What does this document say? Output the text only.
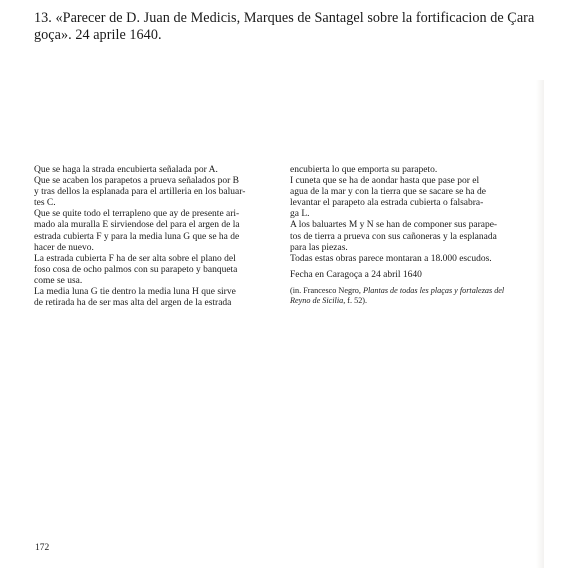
13. «Parecer de D. Juan de Medicis, Marques de Santagel sobre la fortificacion de Çara
goça». 24 aprile 1640.
Que se haga la strada encubierta señalada por A.
Que se acaben los parapetos a prueva señalados por B
y tras dellos la esplanada para el artilleria en los baluar-
tes C.
Que se quite todo el terrapleno que ay de presente ari-
mado ala muralla E sirviendose del para el argen de la
estrada cubierta F y para la media luna G que se ha de
hacer de nuevo.
La estrada cubierta F ha de ser alta sobre el plano del
foso cosa de ocho palmos con su parapeto y banqueta
come se usa.
La media luna G tie dentro la media luna H que sirve
de retirada ha de ser mas alta del argen de la estrada
encubierta lo que emporta su parapeto.
I cuneta que se ha de aondar hasta que pase por el
agua de la mar y con la tierra que se sacare se ha de
levantar el parapeto ala estrada cubierta o falsabra-
ga L.
A los baluartes M y N se han de componer sus parape-
tos de tierra a prueva con sus cañoneras y la esplanada
para las piezas.
Todas estas obras parece montaran a 18.000 escudos.
Fecha en Caragoça a 24 abril 1640
(in. Francesco Negro, Plantas de todas les plaças y fortalezas del
Reyno de Sicilia, f. 52).
172
